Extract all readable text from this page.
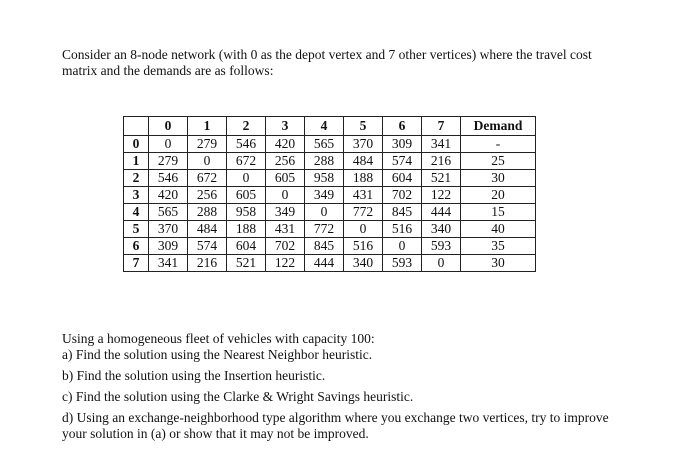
Consider an 8-node network (with 0 as the depot vertex and 7 other vertices) where the travel cost

matrix and the demands are as follows:

	0	1	2	3	4	5	6	7	Demand
0	0	279	546	420	565	370	309	341	-
1	279	0	672	256	288	484	574	216	25
2	546	672	0	605	958	188	604	521	30
3	420	256	605	0	349	431	702	122	20
4	565	288	958	349	0	772	845	444	15
5	370	484	188	431	772	0	516	340	40
6	309	574	604	702	845	516	0	593	35
7	341	216	521	122	444	340	593	0	30

Using a homogeneous fleet of vehicles with capacity 100:

a) Find the solution using the Nearest Neighbor heuristic.

b) Find the solution using the Insertion heuristic.

c) Find the solution using the Clarke & Wright Savings heuristic.

d) Using an exchange-neighborhood type algorithm where you exchange two vertices, try to improve

your solution in (a) or show that it may not be improved.
